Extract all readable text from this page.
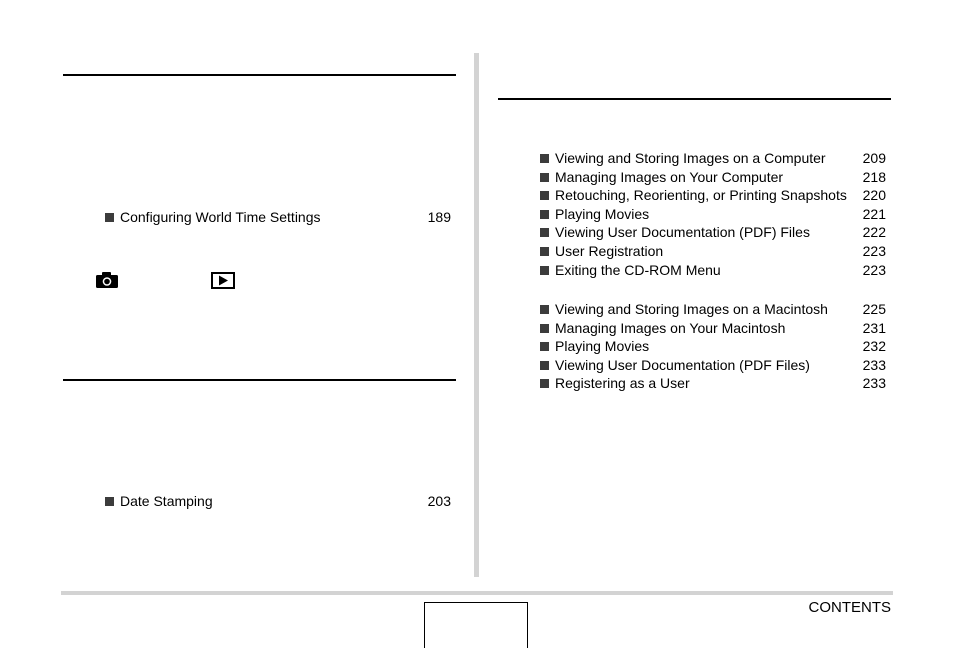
Configuring World Time Settings	189
Date Stamping	203
Viewing and Storing Images on a Computer	209
Managing Images on Your Computer	218
Retouching, Reorienting, or Printing Snapshots 220
Playing Movies	221
Viewing User Documentation (PDF) Files	222
User Registration	223
Exiting the CD-ROM Menu	223
Viewing and Storing Images on a Macintosh 225
Managing Images on Your Macintosh	231
Playing Movies	232
Viewing User Documentation (PDF Files)	233
Registering as a User	233
CONTENTS
